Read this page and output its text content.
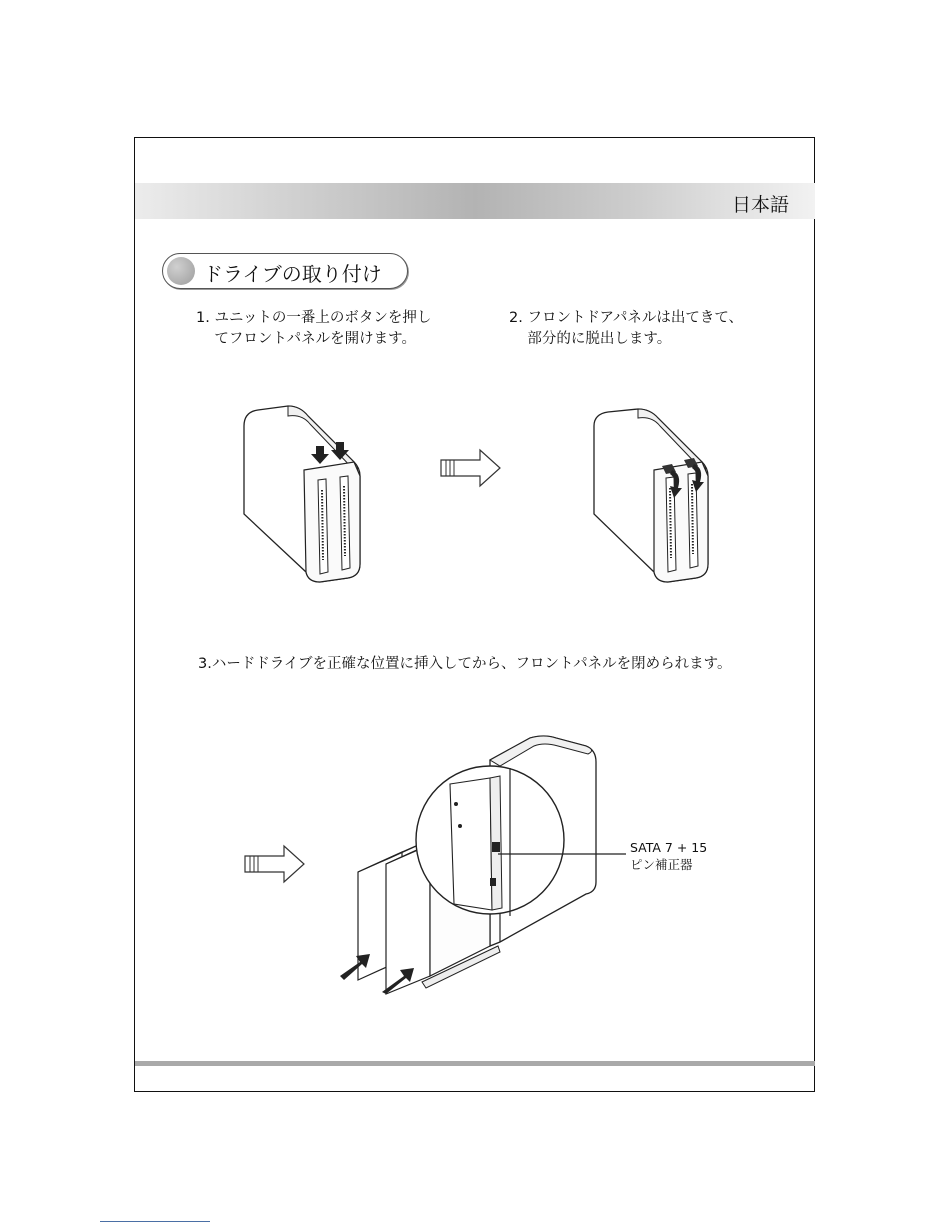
日本語
ドライブの取り付け
1. ユニットの一番上のボタンを押し
てフロントパネルを開けます。
2. フロントドアパネルは出てきて、
部分的に脱出します。
3.ハードドライブを正確な位置に挿入してから、フロントパネルを閉められます。
SATA 7 + 15
ピン補正器
